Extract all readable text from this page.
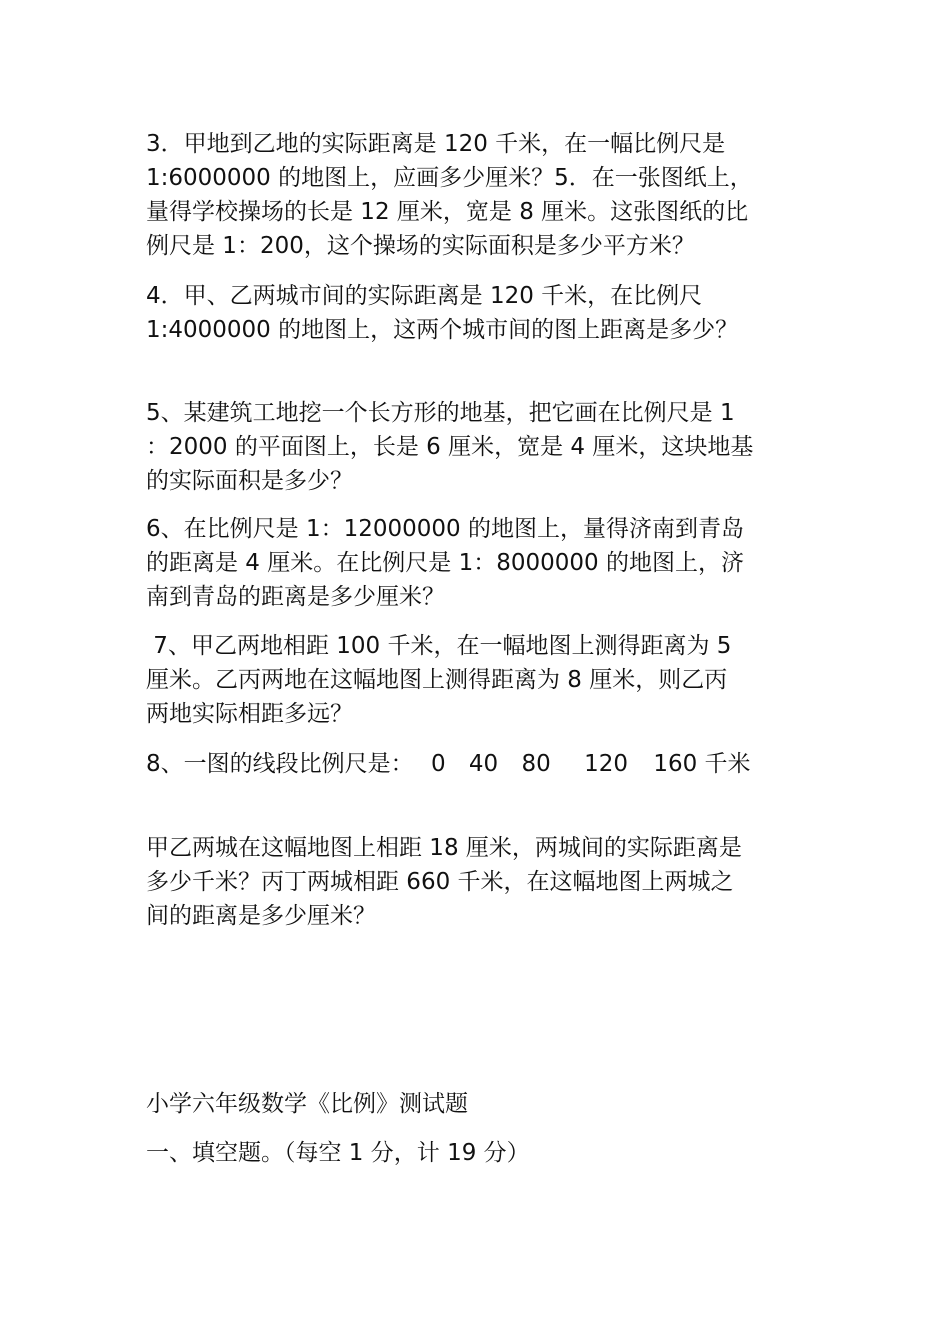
3．甲地到乙地的实际距离是 120 千米，在一幅比例尺是
1:6000000 的地图上，应画多少厘米？5．在一张图纸上，
量得学校操场的长是 12 厘米，宽是 8 厘米。这张图纸的比
例尺是 1：200，这个操场的实际面积是多少平方米？
4．甲、乙两城市间的实际距离是 120 千米，在比例尺
1:4000000 的地图上，这两个城市间的图上距离是多少？
5、某建筑工地挖一个长方形的地基，把它画在比例尺是 1
：2000 的平面图上，长是 6 厘米，宽是 4 厘米，这块地基
的实际面积是多少？
6、在比例尺是 1：12000000 的地图上，量得济南到青岛
的距离是 4 厘米。在比例尺是 1：8000000 的地图上，济
南到青岛的距离是多少厘米？
7、甲乙两地相距 100 千米，在一幅地图上测得距离为 5
厘米。乙丙两地在这幅地图上测得距离为 8 厘米，则乙丙
两地实际相距多远？
8、一图的线段比例尺是： 0 40 80 120 160 千米
甲乙两城在这幅地图上相距 18 厘米，两城间的实际距离是
多少千米？丙丁两城相距 660 千米，在这幅地图上两城之
间的距离是多少厘米？
小学六年级数学《比例》测试题
一、填空题。（每空 1 分，计 19 分）
